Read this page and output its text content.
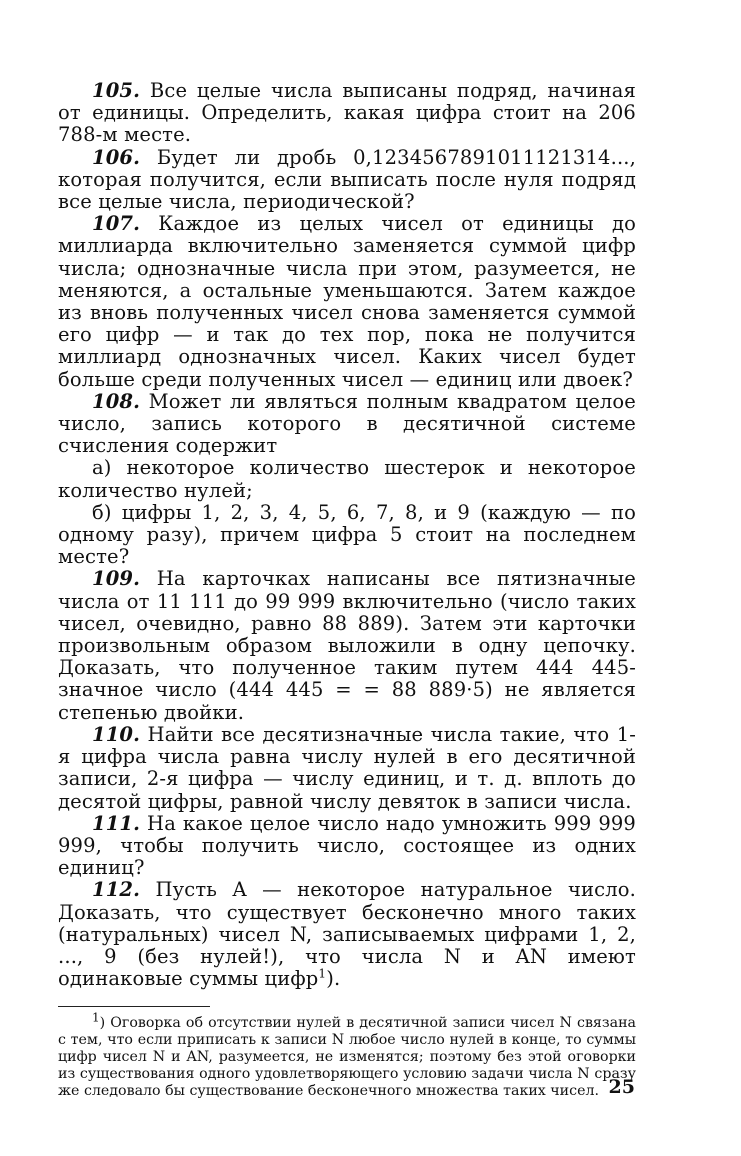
105. Все целые числа выписаны подряд, начиная от единицы. Определить, какая цифра стоит на 206 788-м месте.

106. Будет ли дробь 0,1234567891011121314..., которая получится, если выписать после нуля подряд все целые числа, периодической?

107. Каждое из целых чисел от единицы до миллиарда включительно заменяется суммой цифр числа; однозначные числа при этом, разумеется, не меняются, а остальные уменьшаются. Затем каждое из вновь полученных чисел снова заменяется суммой его цифр — и так до тех пор, пока не получится миллиард однозначных чисел. Каких чисел будет больше среди полученных чисел — единиц или двоек?

108. Может ли являться полным квадратом целое число, запись которого в десятичной системе счисления содержит

а) некоторое количество шестерок и некоторое количество нулей;

б) цифры 1, 2, 3, 4, 5, 6, 7, 8, и 9 (каждую — по одному разу), причем цифра 5 стоит на последнем месте?

109. На карточках написаны все пятизначные числа от 11 111 до 99 999 включительно (число таких чисел, очевидно, равно 88 889). Затем эти карточки произвольным образом выложили в одну цепочку. Доказать, что полученное таким путем 444 445-значное число (444 445 = = 88 889·5) не является степенью двойки.

110. Найти все десятизначные числа такие, что 1-я цифра числа равна числу нулей в его десятичной записи, 2-я цифра — числу единиц, и т. д. вплоть до десятой цифры, равной числу девяток в записи числа.

111. На какое целое число надо умножить 999 999 999, чтобы получить число, состоящее из одних единиц?

112. Пусть A — некоторое натуральное число. Доказать, что существует бесконечно много таких (натуральных) чисел N, записываемых цифрами 1, 2, ..., 9 (без нулей!), что числа N и AN имеют одинаковые суммы цифр$^1$).

$^1$) Оговорка об отсутствии нулей в десятичной записи чисел N связана с тем, что если приписать к записи N любое число нулей в конце, то суммы цифр чисел N и AN, разумеется, не изменятся; поэтому без этой оговорки из существования одного удовлетворяющего условию задачи числа N сразу же следовало бы существование бесконечного множества таких чисел. 25
